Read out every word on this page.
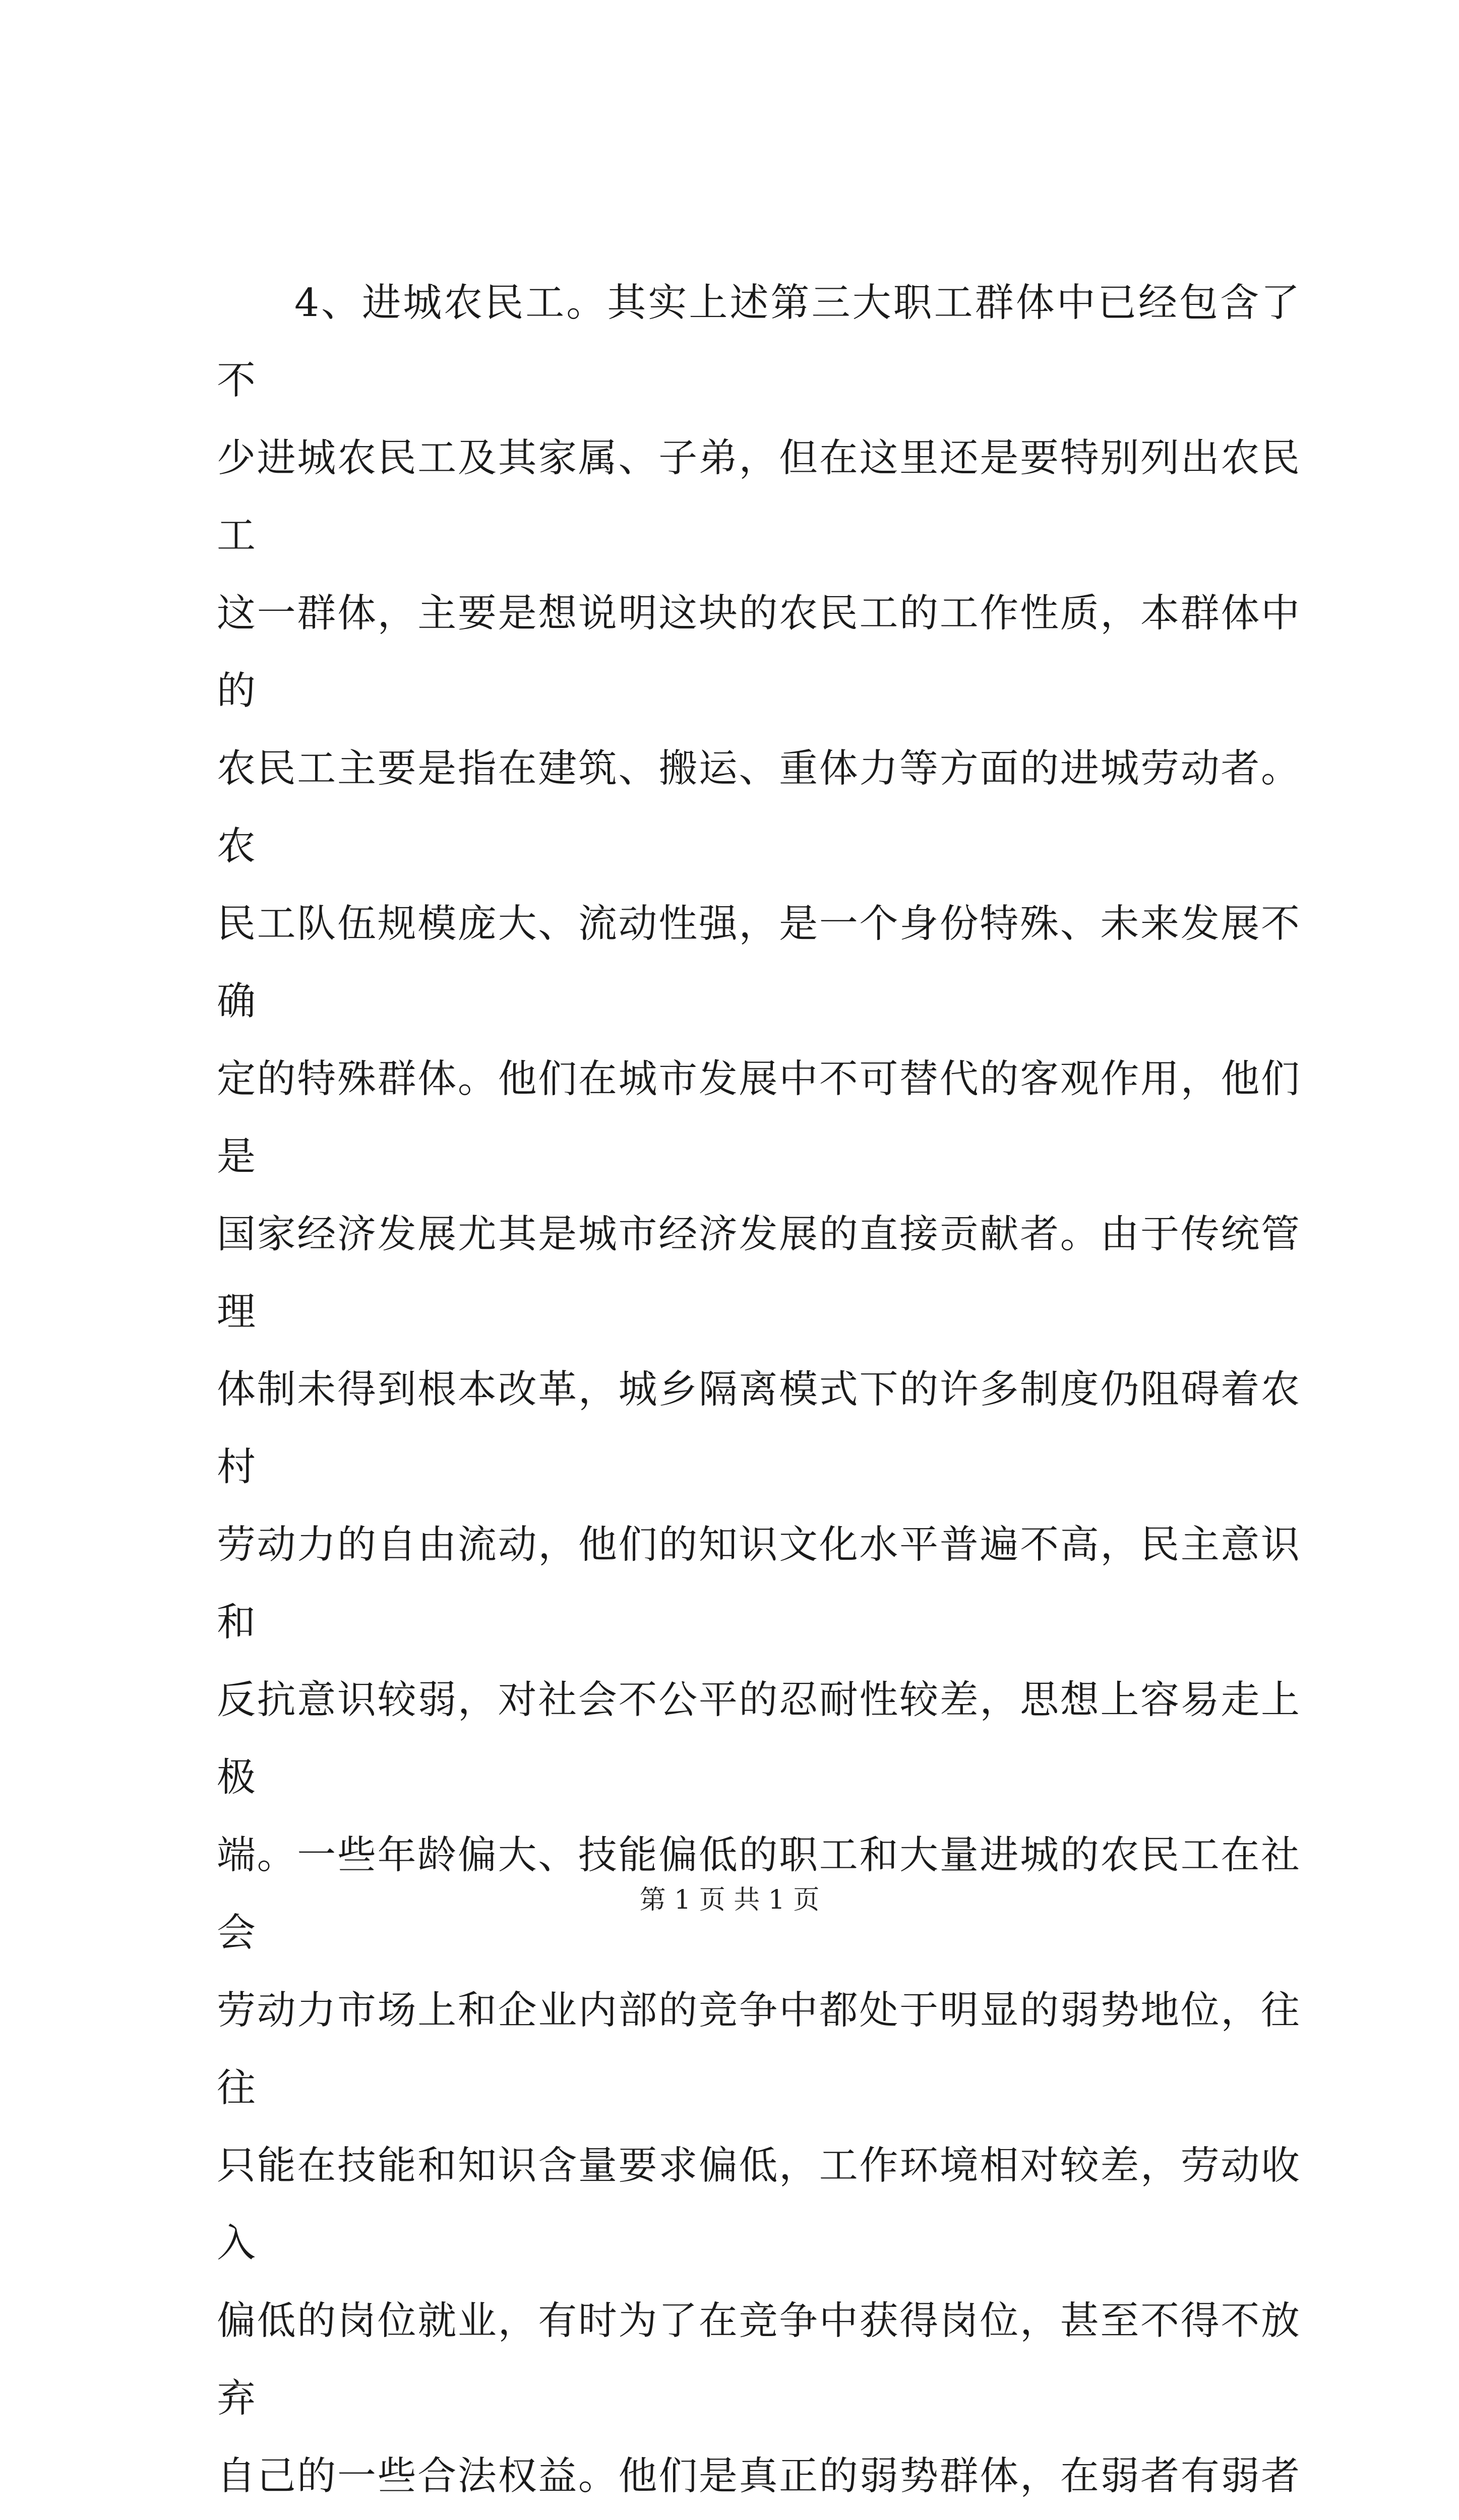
4、进城农民工。其实上述第三大职工群体中已经包含了不
少进城农民工及其家属、子弟，但在这里还是要特别列出农民工
这一群体，主要是想说明这块的农民工的工作性质，本群体中的
农民工主要是指在建筑、搬运、重体力等方面的进城劳动者。农
民工队伍规模庞大、流动性强，是一个身份特殊、未来发展不确
定的特殊群体。他们在城市发展中不可替代的客观作用，他们是
国家经济发展尤其是城市经济发展的直接贡献者。由于传统管理
体制未得到根本改革，城乡隔离模式下的许多制度仍阻碍着农村
劳动力的自由流动，他们的知识文化水平普遍不高，民主意识和
反抗意识较弱，对社会不公平的忍耐性较差，思想上容易走上极
端。一些年龄偏大、技能偏低的职工和大量进城的农民工在社会
劳动力市场上和企业内部的竞争中都处于明显的弱势地位，往往
只能在技能和知识含量要求偏低，工作环境相对较差，劳动收入
偏低的岗位就业，有时为了在竞争中获得岗位，甚至不得不放弃
自己的一些合法权益。他们是真正的弱势群体，在弱者有弱者

第 1 页 共 1 页
